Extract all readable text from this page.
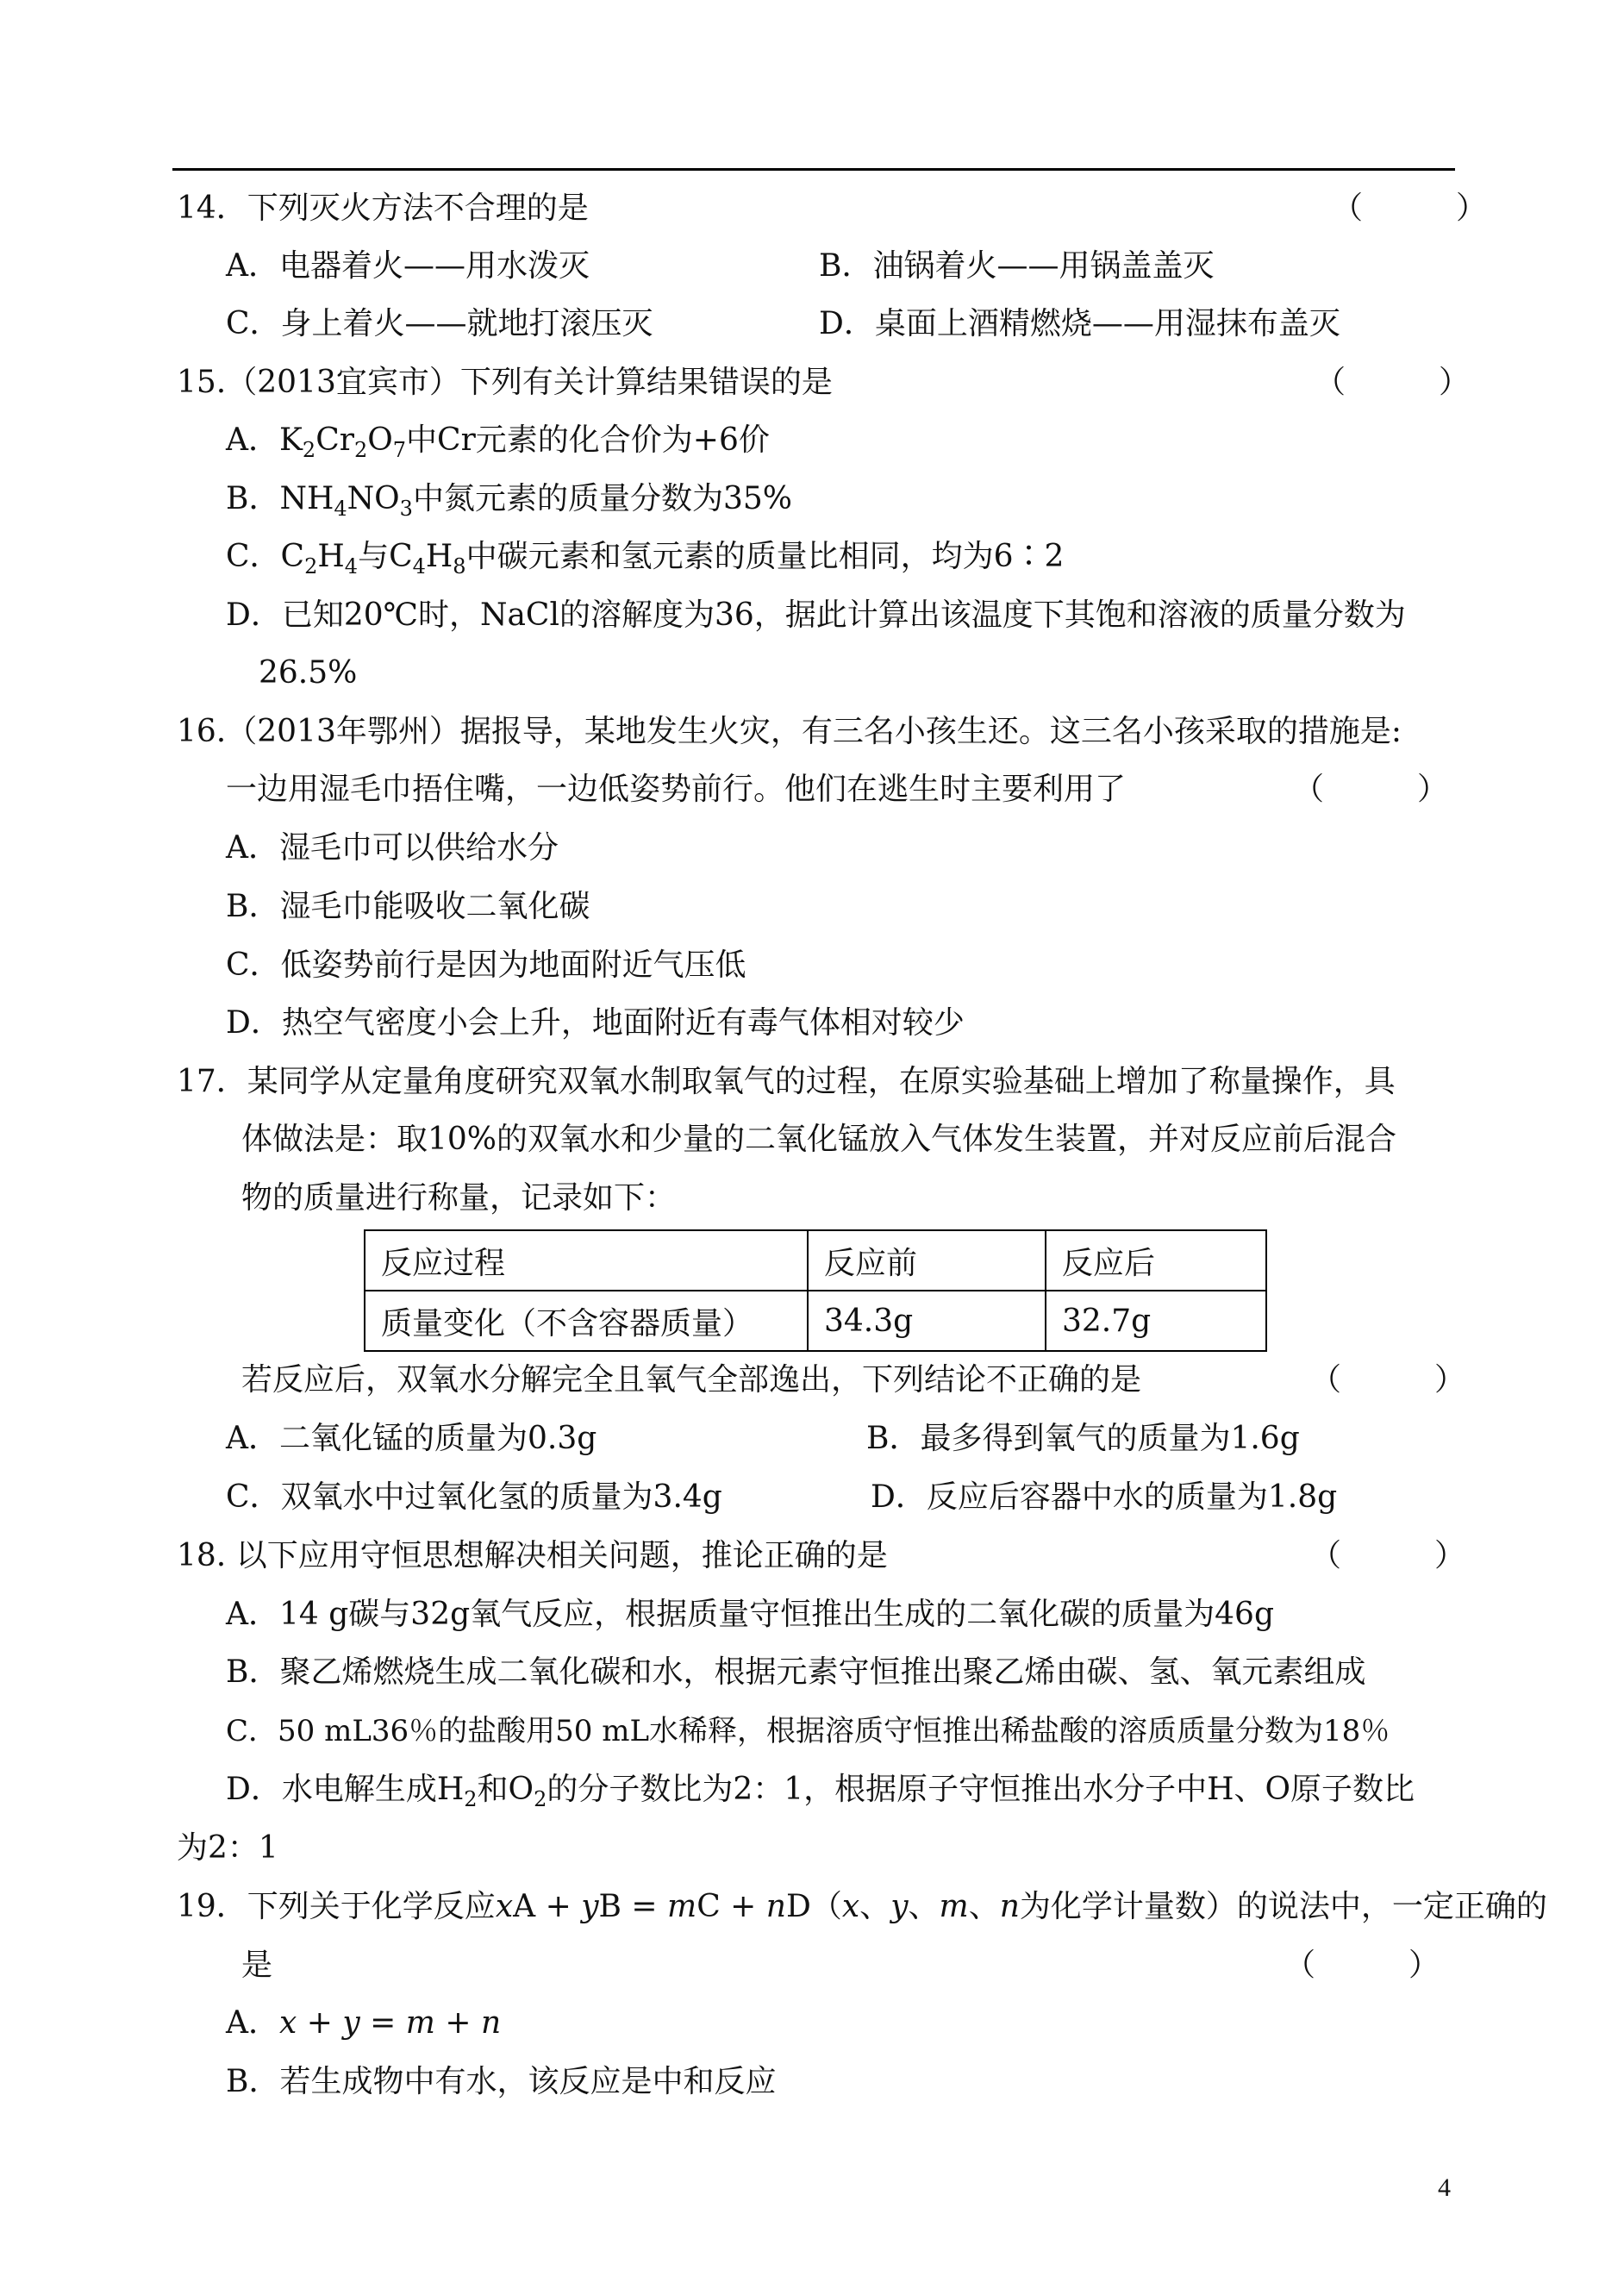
14．下列灭火方法不合理的是	（　　　）
A．电器着火——用水泼灭	B．油锅着火——用锅盖盖灭
C．身上着火——就地打滚压灭	D．桌面上酒精燃烧——用湿抹布盖灭
15.（2013宜宾市）下列有关计算结果错误的是	（　　　）
A．$K_2Cr_2O_7$中Cr元素的化合价为+6价
B．$NH_4NO_3$中氮元素的质量分数为35%
C．$C_2H_4$与$C_4H_8$中碳元素和氢元素的质量比相同，均为6∶2
D．已知20℃时，NaCl的溶解度为36，据此计算出该温度下其饱和溶液的质量分数为
26.5%
16.（2013年鄂州）据报导，某地发生火灾，有三名小孩生还。这三名小孩采取的措施是:
一边用湿毛巾捂住嘴，一边低姿势前行。他们在逃生时主要利用了	（　　　）
A．湿毛巾可以供给水分
B．湿毛巾能吸收二氧化碳
C．低姿势前行是因为地面附近气压低
D．热空气密度小会上升，地面附近有毒气体相对较少
17．某同学从定量角度研究双氧水制取氧气的过程，在原实验基础上增加了称量操作，具
体做法是：取10%的双氧水和少量的二氧化锰放入气体发生装置，并对反应前后混合
物的质量进行称量，记录如下：
反应过程	反应前	反应后
质量变化（不含容器质量）	34.3g	32.7g
若反应后，双氧水分解完全且氧气全部逸出，下列结论不正确的是	（　　　）
A．二氧化锰的质量为0.3g	B．最多得到氧气的质量为1.6g
C．双氧水中过氧化氢的质量为3.4g	D．反应后容器中水的质量为1.8g
18. 以下应用守恒思想解决相关问题，推论正确的是	（　　　）
A．14 g碳与32g氧气反应，根据质量守恒推出生成的二氧化碳的质量为46g
B．聚乙烯燃烧生成二氧化碳和水，根据元素守恒推出聚乙烯由碳、氢、氧元素组成
C．50 mL36％的盐酸用50 mL水稀释，根据溶质守恒推出稀盐酸的溶质质量分数为18％
D．水电解生成$H_2$和$O_2$的分子数比为2：1，根据原子守恒推出水分子中H、O原子数比
为2：1
19．下列关于化学反应xA + yB = mC + nD（x、y、m、n为化学计量数）的说法中，一定正确的
是	（　　　）
A．x + y = m + n
B．若生成物中有水，该反应是中和反应
4
